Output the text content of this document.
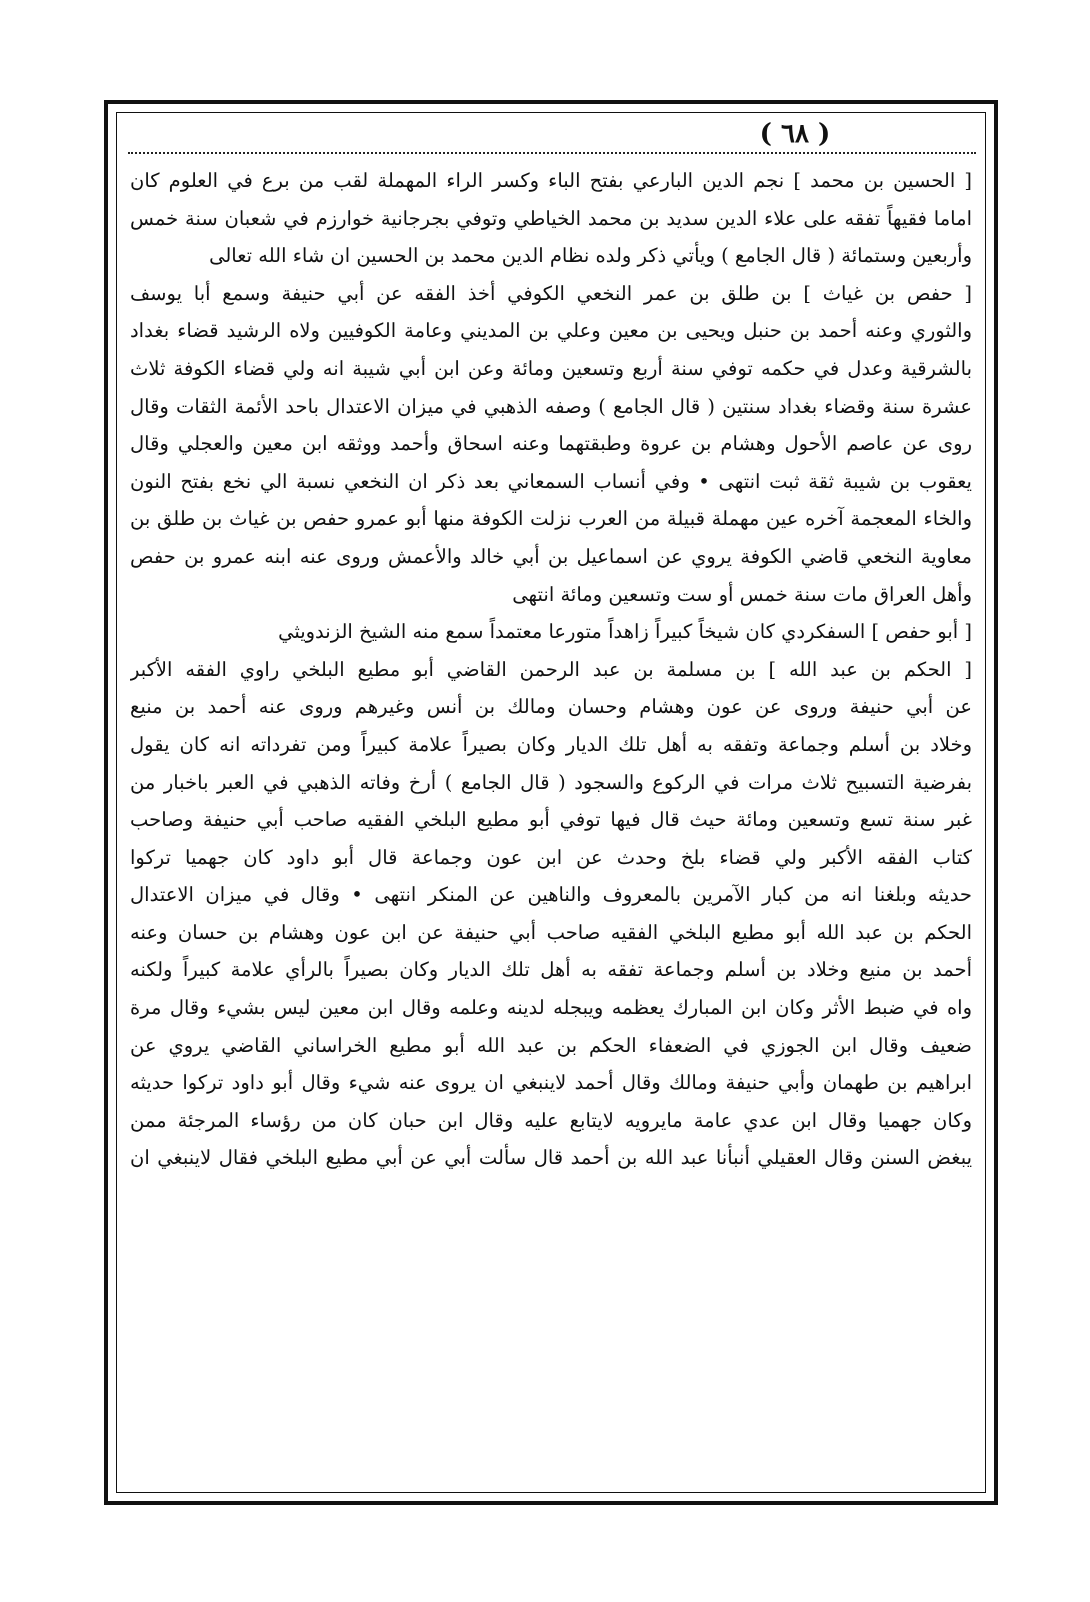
( ٦٨ )
[ الحسين بن محمد ] نجم الدين البارعي بفتح الباء وكسر الراء المهملة لقب من برع في العلوم كان
اماما فقيهاً تفقه على علاء الدين سديد بن محمد الخياطي وتوفي بجرجانية خوارزم في شعبان سنة خمس
وأربعين وستمائة ( قال الجامع ) ويأتي ذكر ولده نظام الدين محمد بن الحسين ان شاء الله تعالى
[ حفص بن غياث ] بن طلق بن عمر النخعي الكوفي أخذ الفقه عن أبي حنيفة وسمع أبا يوسف
والثوري وعنه أحمد بن حنبل ويحيى بن معين وعلي بن المديني وعامة الكوفيين ولاه الرشيد قضاء بغداد
بالشرقية وعدل في حكمه توفي سنة أربع وتسعين ومائة وعن ابن أبي شيبة انه ولي قضاء الكوفة ثلاث
عشرة سنة وقضاء بغداد سنتين ( قال الجامع ) وصفه الذهبي في ميزان الاعتدال باحد الأئمة الثقات وقال
روى عن عاصم الأحول وهشام بن عروة وطبقتهما وعنه اسحاق وأحمد ووثقه ابن معين والعجلي وقال
يعقوب بن شيبة ثقة ثبت انتهى • وفي أنساب السمعاني بعد ذكر ان النخعي نسبة الي نخع بفتح النون
والخاء المعجمة آخره عين مهملة قبيلة من العرب نزلت الكوفة منها أبو عمرو حفص بن غياث بن طلق بن
معاوية النخعي قاضي الكوفة يروي عن اسماعيل بن أبي خالد والأعمش وروى عنه ابنه عمرو بن حفص
وأهل العراق مات سنة خمس أو ست وتسعين ومائة انتهى
[ أبو حفص ] السفكردي كان شيخاً كبيراً زاهداً متورعا معتمداً سمع منه الشيخ الزندويثي
[ الحكم بن عبد الله ] بن مسلمة بن عبد الرحمن القاضي أبو مطيع البلخي راوي الفقه الأكبر
عن أبي حنيفة وروى عن عون وهشام وحسان ومالك بن أنس وغيرهم وروى عنه أحمد بن منيع
وخلاد بن أسلم وجماعة وتفقه به أهل تلك الديار وكان بصيراً علامة كبيراً ومن تفرداته انه كان يقول
بفرضية التسبيح ثلاث مرات في الركوع والسجود ( قال الجامع ) أرخ وفاته الذهبي في العبر باخبار من
غبر سنة تسع وتسعين ومائة حيث قال فيها توفي أبو مطيع البلخي الفقيه صاحب أبي حنيفة وصاحب
كتاب الفقه الأكبر ولي قضاء بلخ وحدث عن ابن عون وجماعة قال أبو داود كان جهميا تركوا
حديثه وبلغنا انه من كبار الآمرين بالمعروف والناهين عن المنكر انتهى • وقال في ميزان الاعتدال
الحكم بن عبد الله أبو مطيع البلخي الفقيه صاحب أبي حنيفة عن ابن عون وهشام بن حسان وعنه
أحمد بن منيع وخلاد بن أسلم وجماعة تفقه به أهل تلك الديار وكان بصيراً بالرأي علامة كبيراً ولكنه
واه في ضبط الأثر وكان ابن المبارك يعظمه ويبجله لدينه وعلمه وقال ابن معين ليس بشيء وقال مرة
ضعيف وقال ابن الجوزي في الضعفاء الحكم بن عبد الله أبو مطيع الخراساني القاضي يروي عن
ابراهيم بن طهمان وأبي حنيفة ومالك وقال أحمد لاينبغي ان يروى عنه شيء وقال أبو داود تركوا حديثه
وكان جهميا وقال ابن عدي عامة مايرويه لايتابع عليه وقال ابن حبان كان من رؤساء المرجئة ممن
يبغض السنن وقال العقيلي أنبأنا عبد الله بن أحمد قال سألت أبي عن أبي مطيع البلخي فقال لاينبغي ان
